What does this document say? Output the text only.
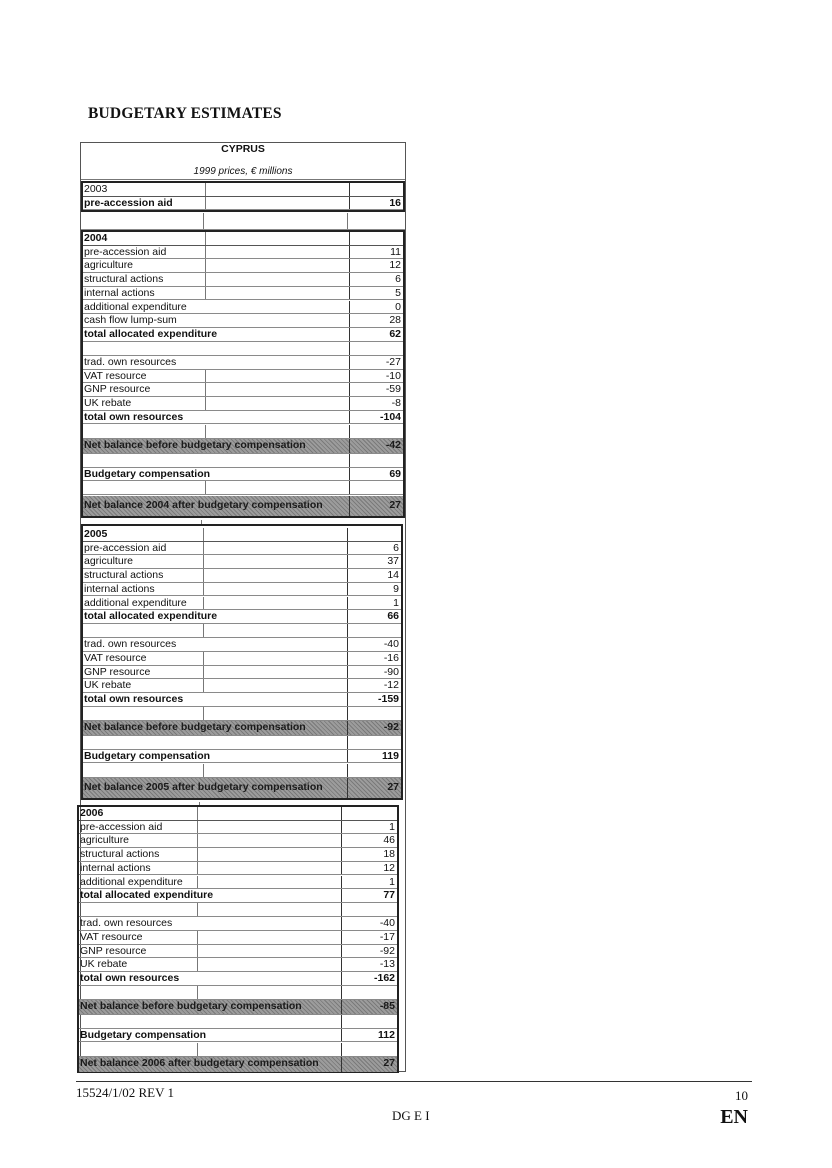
BUDGETARY ESTIMATES
CYPRUS
1999 prices, € millions
2003
pre-accession aid	16
2004
pre-accession aid	11
agriculture	12
structural actions	6
internal actions	5
additional expenditure	0
cash flow lump-sum	28
total allocated expenditure	62
trad. own resources	-27
VAT resource	-10
GNP resource	-59
UK rebate	-8
total own resources	-104
Net balance before budgetary compensation	-42
Budgetary compensation	69
Net balance 2004 after budgetary compensation	27
2005
pre-accession aid	6
agriculture	37
structural actions	14
internal actions	9
additional expenditure	1
total allocated expenditure	66
trad. own resources	-40
VAT resource	-16
GNP resource	-90
UK rebate	-12
total own resources	-159
Net balance before budgetary compensation	-92
Budgetary compensation	119
Net balance 2005 after budgetary compensation	27
2006
pre-accession aid	1
agriculture	46
structural actions	18
internal actions	12
additional expenditure	1
total allocated expenditure	77
trad. own resources	-40
VAT resource	-17
GNP resource	-92
UK rebate	-13
total own resources	-162
Net balance before budgetary compensation	-85
Budgetary compensation	112
Net balance 2006 after budgetary compensation	27
15524/1/02 REV 1	10
DG E I	EN
